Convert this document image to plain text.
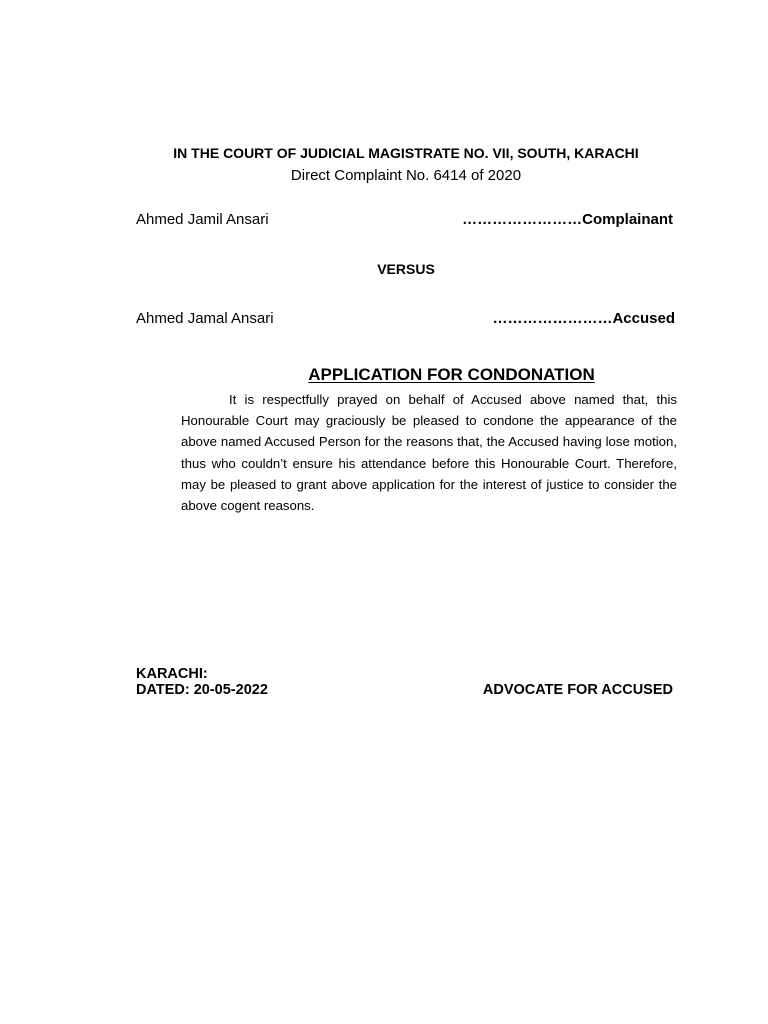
IN THE COURT OF JUDICIAL MAGISTRATE NO. VII, SOUTH, KARACHI
Direct Complaint No. 6414 of 2020
Ahmed Jamil Ansari	……………………Complainant
VERSUS
Ahmed Jamal Ansari	……………………Accused
APPLICATION FOR CONDONATION
It is respectfully prayed on behalf of Accused above named that, this Honourable Court may graciously be pleased to condone the appearance of the above named Accused Person for the reasons that, the Accused having lose motion, thus who couldn’t ensure his attendance before this Honourable Court. Therefore, may be pleased to grant above application for the interest of justice to consider the above cogent reasons.
KARACHI:
DATED: 20-05-2022	ADVOCATE FOR ACCUSED
